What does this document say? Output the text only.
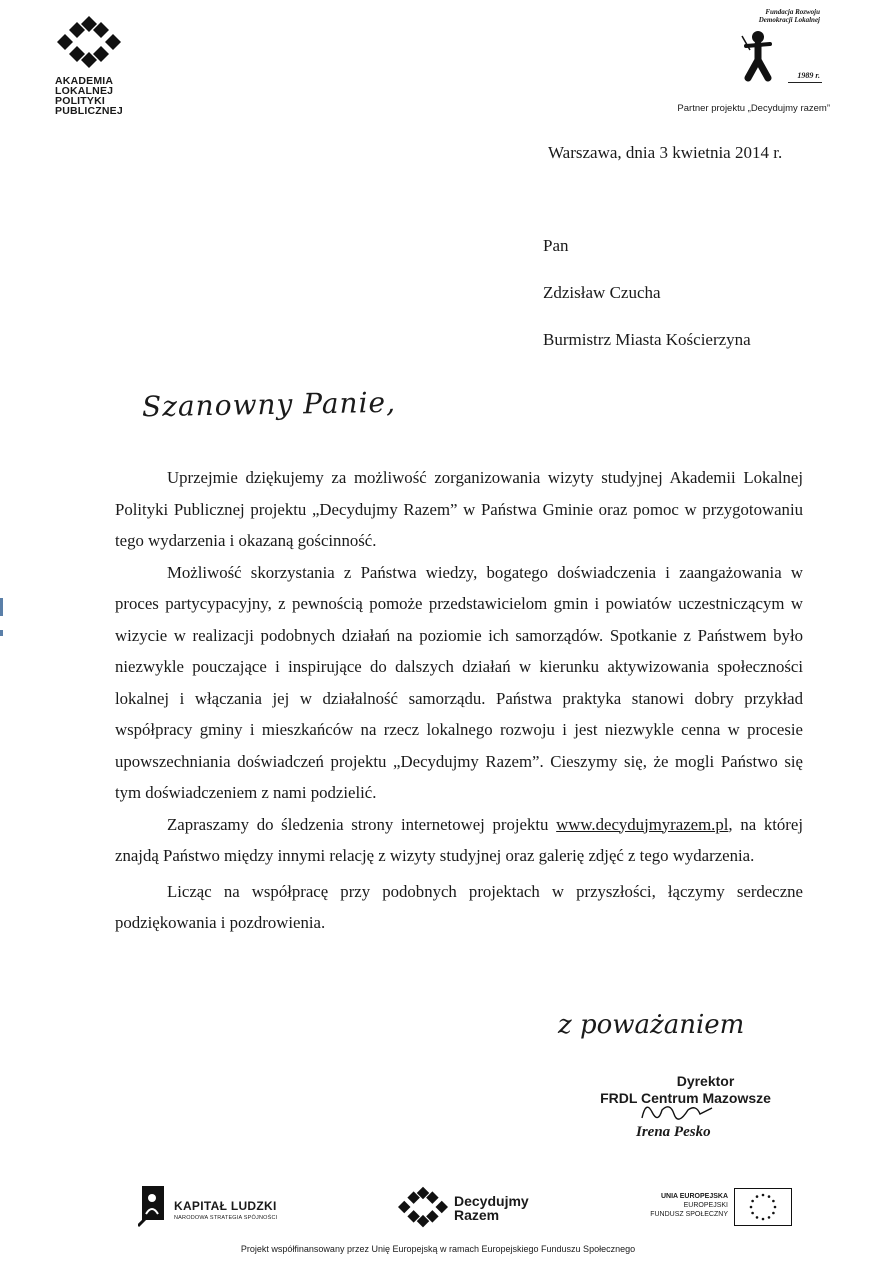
AKADEMIA
LOKALNEJ
POLITYKI
PUBLICZNEJ
Fundacja Rozwoju
Demokracji Lokalnej
1989 r.
Partner projektu „Decydujmy razem”
Warszawa, dnia 3 kwietnia 2014 r.
Pan
Zdzisław Czucha
Burmistrz Miasta Kościerzyna
Szanowny Panie,

Uprzejmie dziękujemy za możliwość zorganizowania wizyty studyjnej Akademii Lokalnej Polityki Publicznej projektu „Decydujmy Razem” w Państwa Gminie oraz pomoc w przygotowaniu tego wydarzenia i okazaną gościnność.

Możliwość skorzystania z Państwa wiedzy, bogatego doświadczenia i zaangażowania w proces partycypacyjny, z pewnością pomoże przedstawicielom gmin i powiatów uczestniczącym w wizycie w realizacji podobnych działań na poziomie ich samorządów. Spotkanie z Państwem było niezwykle pouczające i inspirujące do dalszych działań w kierunku aktywizowania społeczności lokalnej i włączania jej w działalność samorządu. Państwa praktyka stanowi dobry przykład współpracy gminy i mieszkańców na rzecz lokalnego rozwoju i jest niezwykle cenna w procesie upowszechniania doświadczeń projektu „Decydujmy Razem”. Cieszymy się, że mogli Państwo się tym doświadczeniem z nami podzielić.

Zapraszamy do śledzenia strony internetowej projektu www.decydujmyrazem.pl, na której znajdą Państwo między innymi relację z wizyty studyjnej oraz galerię zdjęć z tego wydarzenia.

Licząc na współpracę przy podobnych projektach w przyszłości, łączymy serdeczne podziękowania i pozdrowienia.

z poważaniem
Dyrektor
FRDL Centrum Mazowsze
Irena Pesko
KAPITAŁ LUDZKI
NARODOWA STRATEGIA SPÓJNOŚCI
Decydujmy
Razem
UNIA EUROPEJSKA
EUROPEJSKI
FUNDUSZ SPOŁECZNY
Projekt współfinansowany przez Unię Europejską w ramach Europejskiego Funduszu Społecznego
